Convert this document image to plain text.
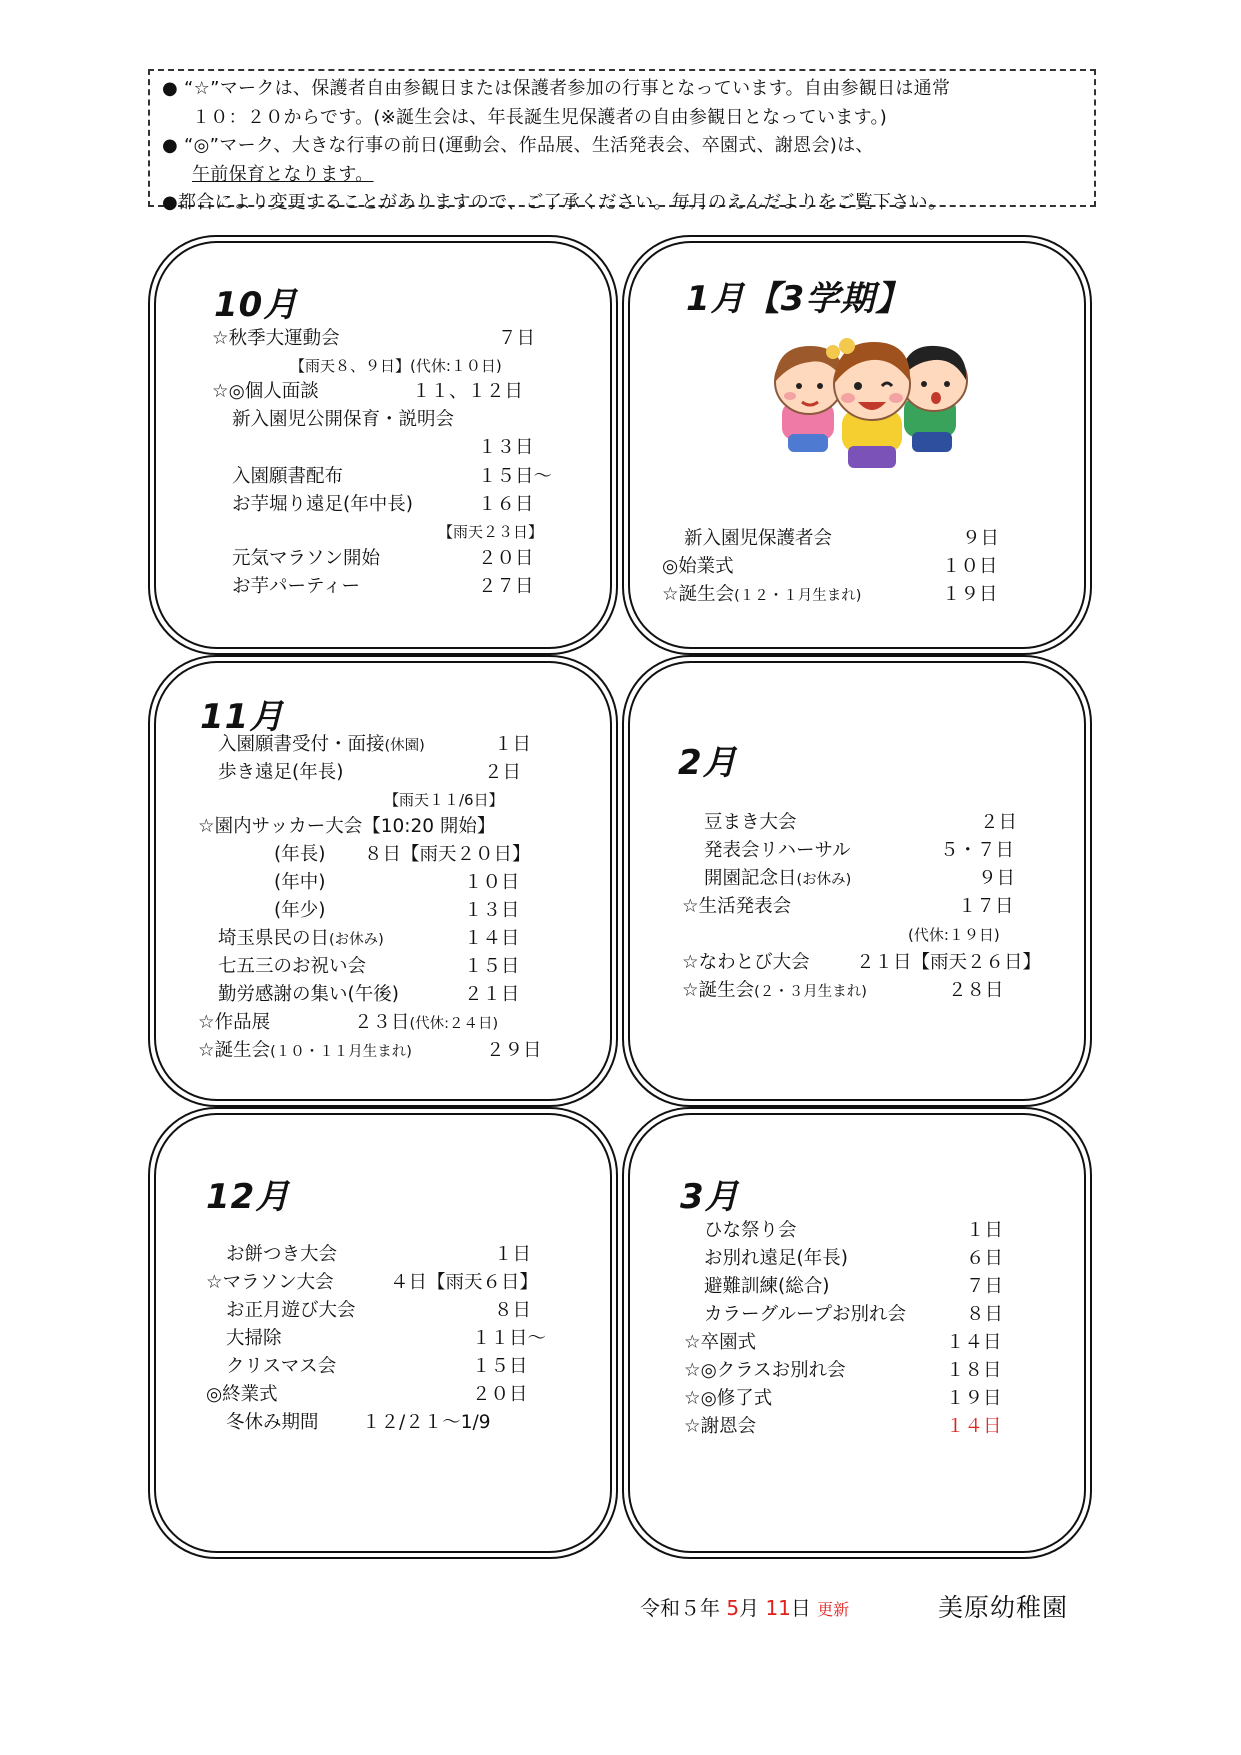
● “☆”マークは、保護者自由参観日または保護者参加の行事となっています。自由参観日は通常
１０：２０からです。(※誕生会は、年長誕生児保護者の自由参観日となっています。)
● “◎”マーク、大きな行事の前日(運動会、作品展、生活発表会、卒園式、謝恩会)は、
午前保育となります。
●都合により変更することがありますので、ご了承ください。毎月のえんだよりをご覧下さい。
10月
☆秋季大運動会	７日
【雨天８、９日】(代休:１０日)
☆◎個人面談	１１、１２日
新入園児公開保育・説明会
１３日
入園願書配布	１５日〜
お芋堀り遠足(年中長)	１６日
【雨天２３日】
元気マラソン開始	２０日
お芋パーティー	２７日
1月【3学期】
新入園児保護者会	９日
◎始業式	１０日
☆誕生会(１２・１月生まれ)	１９日
11月
入園願書受付・面接(休園)	１日
歩き遠足(年長)	２日
【雨天１１/6日】
☆園内サッカー大会【10:20 開始】
(年長) ８日【雨天２０日】
(年中)	１０日
(年少)	１３日
埼玉県民の日(お休み)	１４日
七五三のお祝い会	１５日
勤労感謝の集い(午後)	２１日
☆作品展	２３日(代休:２４日)
☆誕生会(１０・１１月生まれ)	２９日
2月
豆まき大会	２日
発表会リハーサル	５・７日
開園記念日(お休み)	９日
☆生活発表会	１７日
(代休:１９日)
☆なわとび大会	２１日【雨天２６日】
☆誕生会(２・３月生まれ)	２８日
12月
お餅つき大会	１日
☆マラソン大会	４日【雨天６日】
お正月遊び大会	８日
大掃除	１１日〜
クリスマス会	１５日
◎終業式	２０日
冬休み期間 １２/２１〜1/9
3月
ひな祭り会	１日
お別れ遠足(年長)	６日
避難訓練(総合)	７日
カラーグループお別れ会	８日
☆卒園式	１４日
☆◎クラスお別れ会	１８日
☆◎修了式	１９日
☆謝恩会	１４日
令和５年 5月 11日 更新	美原幼稚園
